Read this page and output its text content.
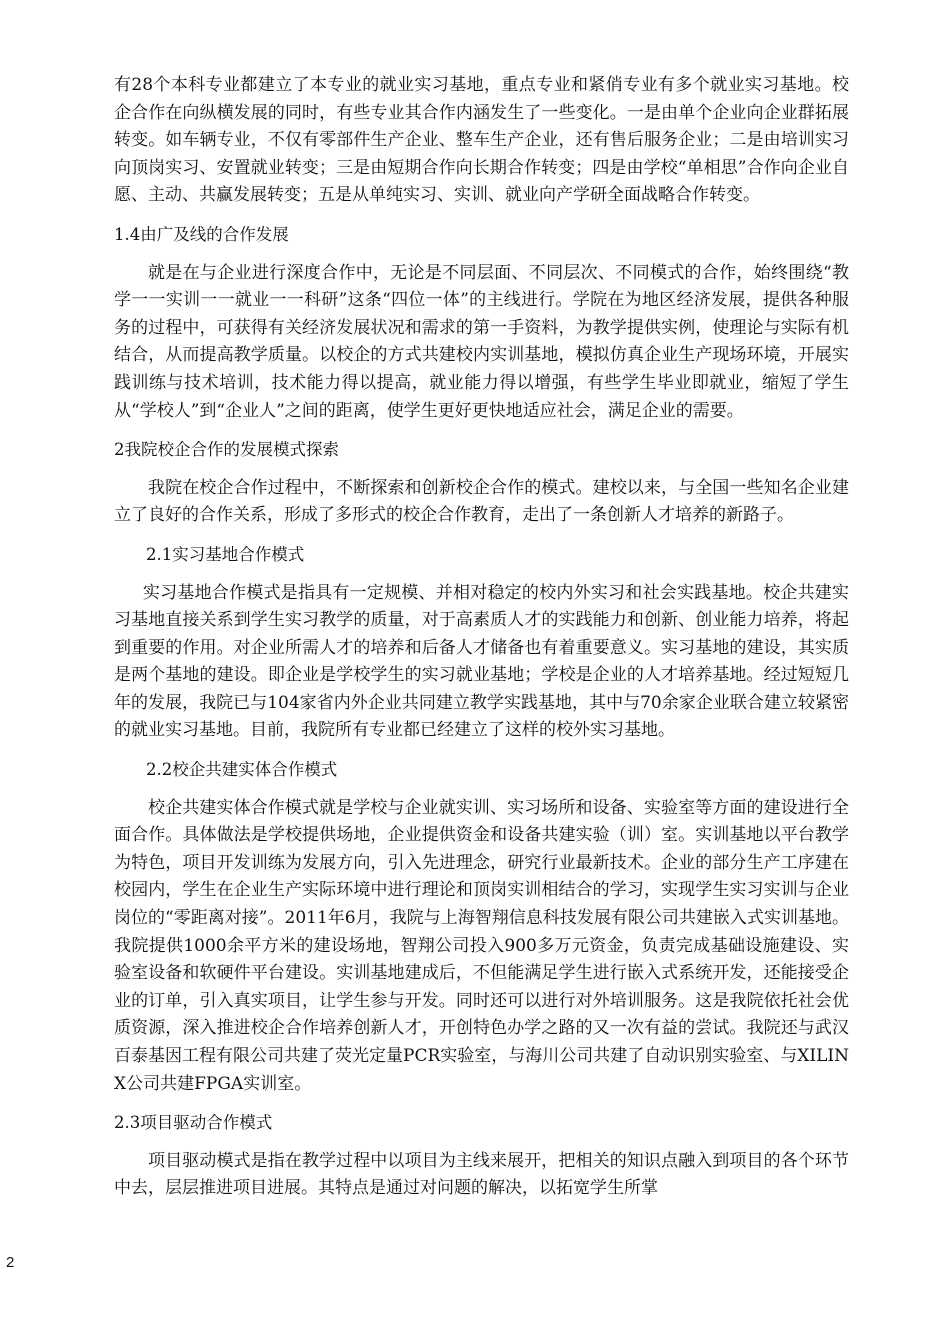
有28个本科专业都建立了本专业的就业实习基地，重点专业和紧俏专业有多个就业实习基地。校企合作在向纵横发展的同时，有些专业其合作内涵发生了一些变化。一是由单个企业向企业群拓展转变。如车辆专业，不仅有零部件生产企业、整车生产企业，还有售后服务企业；二是由培训实习向顶岗实习、安置就业转变；三是由短期合作向长期合作转变；四是由学校“单相思”合作向企业自愿、主动、共赢发展转变；五是从单纯实习、实训、就业向产学研全面战略合作转变。

1.4由广及线的合作发展

就是在与企业进行深度合作中，无论是不同层面、不同层次、不同模式的合作，始终围绕“教学一一实训一一就业一一科研”这条“四位一体”的主线进行。学院在为地区经济发展，提供各种服务的过程中，可获得有关经济发展状况和需求的第一手资料，为教学提供实例，使理论与实际有机结合，从而提高教学质量。以校企的方式共建校内实训基地，模拟仿真企业生产现场环境，开展实践训练与技术培训，技术能力得以提高，就业能力得以增强，有些学生毕业即就业，缩短了学生从“学校人”到“企业人”之间的距离，使学生更好更快地适应社会，满足企业的需要。

2我院校企合作的发展模式探索

我院在校企合作过程中，不断探索和创新校企合作的模式。建校以来，与全国一些知名企业建立了良好的合作关系，形成了多形式的校企合作教育，走出了一条创新人才培养的新路子。

2.1实习基地合作模式

实习基地合作模式是指具有一定规模、并相对稳定的校内外实习和社会实践基地。校企共建实习基地直接关系到学生实习教学的质量，对于高素质人才的实践能力和创新、创业能力培养，将起到重要的作用。对企业所需人才的培养和后备人才储备也有着重要意义。实习基地的建设，其实质是两个基地的建设。即企业是学校学生的实习就业基地；学校是企业的人才培养基地。经过短短几年的发展，我院已与104家省内外企业共同建立教学实践基地，其中与70余家企业联合建立较紧密的就业实习基地。目前，我院所有专业都已经建立了这样的校外实习基地。

2.2校企共建实体合作模式

校企共建实体合作模式就是学校与企业就实训、实习场所和设备、实验室等方面的建设进行全面合作。具体做法是学校提供场地，企业提供资金和设备共建实验（训）室。实训基地以平台教学为特色，项目开发训练为发展方向，引入先进理念，研究行业最新技术。企业的部分生产工序建在校园内，学生在企业生产实际环境中进行理论和顶岗实训相结合的学习，实现学生实习实训与企业岗位的“零距离对接”。2011年6月，我院与上海智翔信息科技发展有限公司共建嵌入式实训基地。我院提供1000余平方米的建设场地，智翔公司投入900多万元资金，负责完成基础设施建设、实验室设备和软硬件平台建设。实训基地建成后，不但能满足学生进行嵌入式系统开发，还能接受企业的订单，引入真实项目，让学生参与开发。同时还可以进行对外培训服务。这是我院依托社会优质资源，深入推进校企合作培养创新人才，开创特色办学之路的又一次有益的尝试。我院还与武汉百泰基因工程有限公司共建了荧光定量PCR实验室，与海川公司共建了自动识别实验室、与XILINX公司共建FPGA实训室。

2.3项目驱动合作模式

项目驱动模式是指在教学过程中以项目为主线来展开，把相关的知识点融入到项目的各个环节中去，层层推进项目进展。其特点是通过对问题的解决，以拓宽学生所掌

2
